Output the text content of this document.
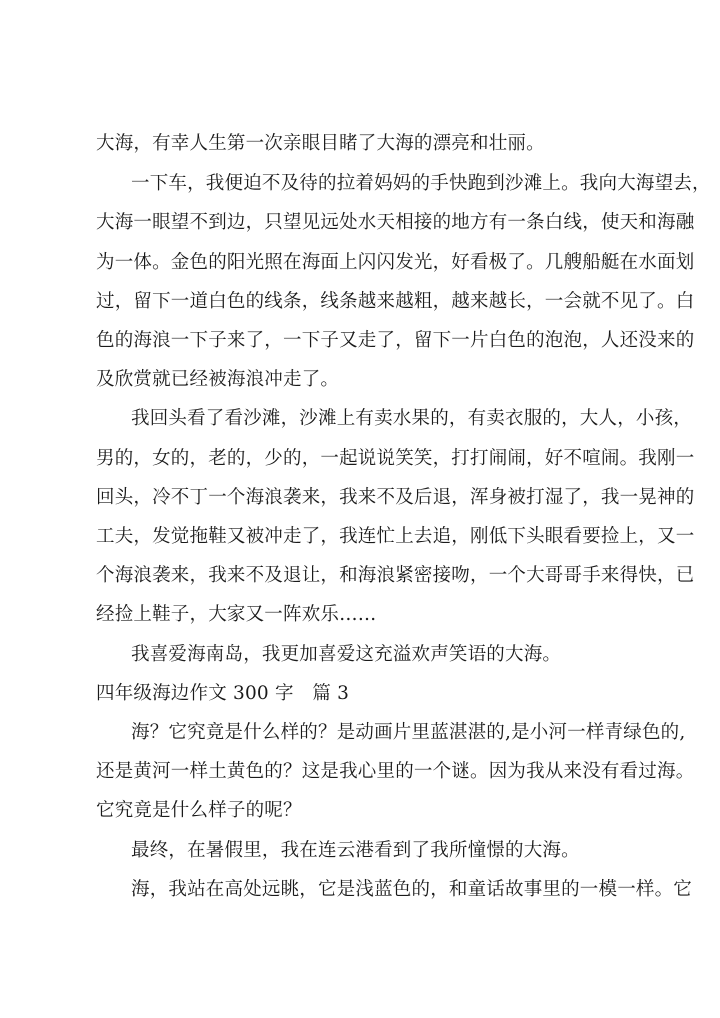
大海，有幸人生第一次亲眼目睹了大海的漂亮和壮丽。
一下车，我便迫不及待的拉着妈妈的手快跑到沙滩上。我向大海望去，
大海一眼望不到边，只望见远处水天相接的地方有一条白线，使天和海融
为一体。金色的阳光照在海面上闪闪发光，好看极了。几艘船艇在水面划
过，留下一道白色的线条，线条越来越粗，越来越长，一会就不见了。白
色的海浪一下子来了，一下子又走了，留下一片白色的泡泡，人还没来的
及欣赏就已经被海浪冲走了。
我回头看了看沙滩，沙滩上有卖水果的，有卖衣服的，大人，小孩，
男的，女的，老的，少的，一起说说笑笑，打打闹闹，好不喧闹。我刚一
回头，冷不丁一个海浪袭来，我来不及后退，浑身被打湿了，我一晃神的
工夫，发觉拖鞋又被冲走了，我连忙上去追，刚低下头眼看要捡上，又一
个海浪袭来，我来不及退让，和海浪紧密接吻，一个大哥哥手来得快，已
经捡上鞋子，大家又一阵欢乐……
我喜爱海南岛，我更加喜爱这充溢欢声笑语的大海。
四年级海边作文 300 字　篇 3
海？它究竟是什么样的？是动画片里蓝湛湛的,是小河一样青绿色的,
还是黄河一样土黄色的？这是我心里的一个谜。因为我从来没有看过海。
它究竟是什么样子的呢？
最终，在暑假里，我在连云港看到了我所憧憬的大海。
海，我站在高处远眺，它是浅蓝色的，和童话故事里的一模一样。它
